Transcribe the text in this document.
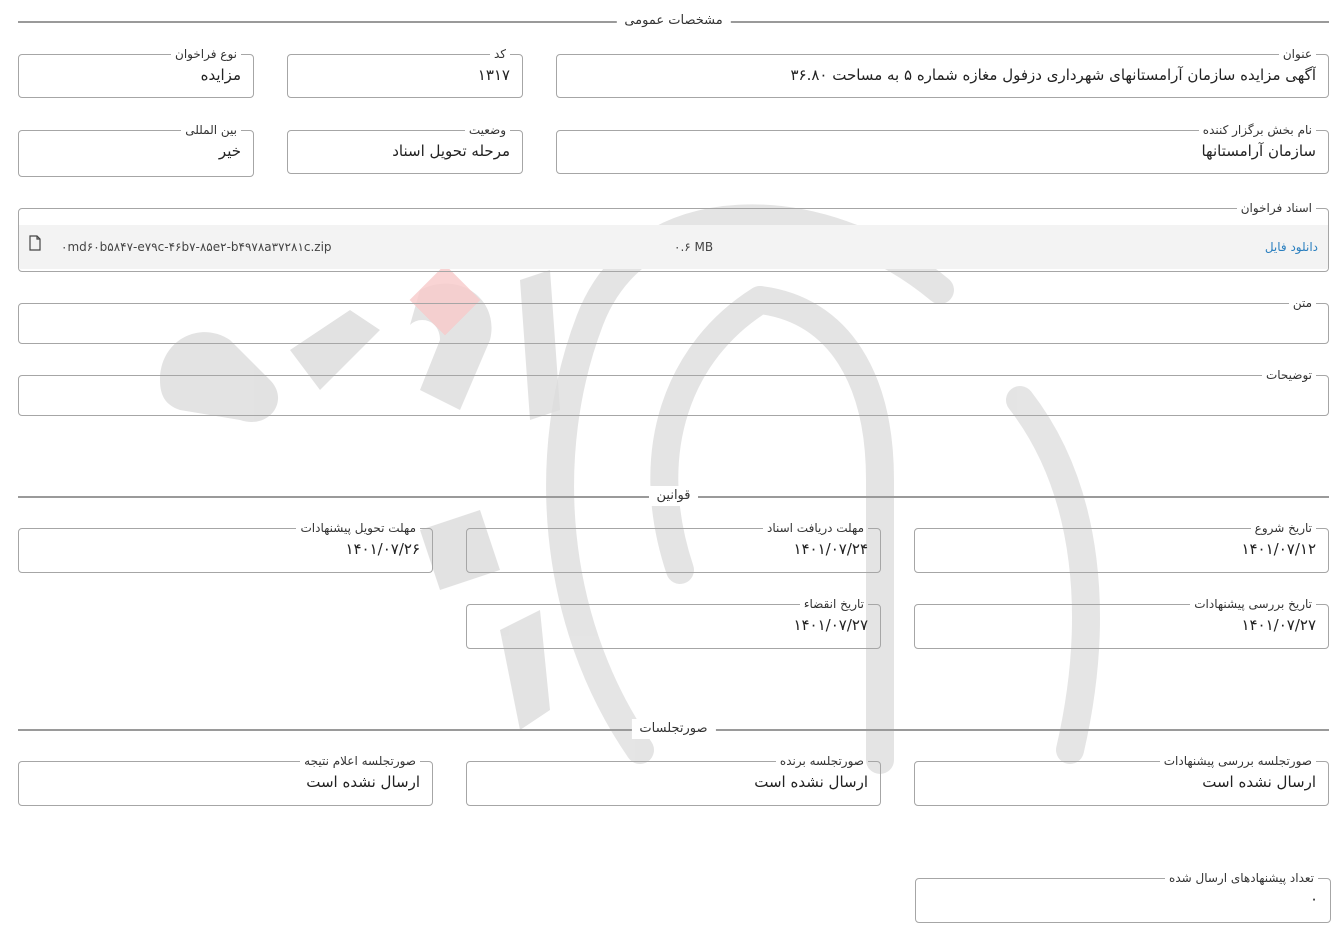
مشخصات عمومی
عنوان
آگهی مزایده سازمان آرامستانهای شهرداری دزفول مغازه شماره ۵ به مساحت ۳۶.۸۰
کد
۱۳۱۷
نوع فراخوان
مزایده
نام بخش برگزار کننده
سازمان آرامستانها
وضعیت
مرحله تحویل اسناد
بین المللی
خیر
اسناد فراخوان
دانلود فایل
۰.۶ MB
۰md۶۰b۵۸۴۷-e۷۹c-۴۶b۷-۸۵e۲-b۴۹۷۸a۳۷۲۸۱c.zip
متن
توضیحات
قوانین
تاریخ شروع
۱۴۰۱/۰۷/۱۲
مهلت دریافت اسناد
۱۴۰۱/۰۷/۲۴
مهلت تحویل پیشنهادات
۱۴۰۱/۰۷/۲۶
تاریخ بررسی پیشنهادات
۱۴۰۱/۰۷/۲۷
تاریخ انقضاء
۱۴۰۱/۰۷/۲۷
صورتجلسات
صورتجلسه بررسی پیشنهادات
ارسال نشده است
صورتجلسه برنده
ارسال نشده است
صورتجلسه اعلام نتیجه
ارسال نشده است
تعداد پیشنهادهای ارسال شده
۰
